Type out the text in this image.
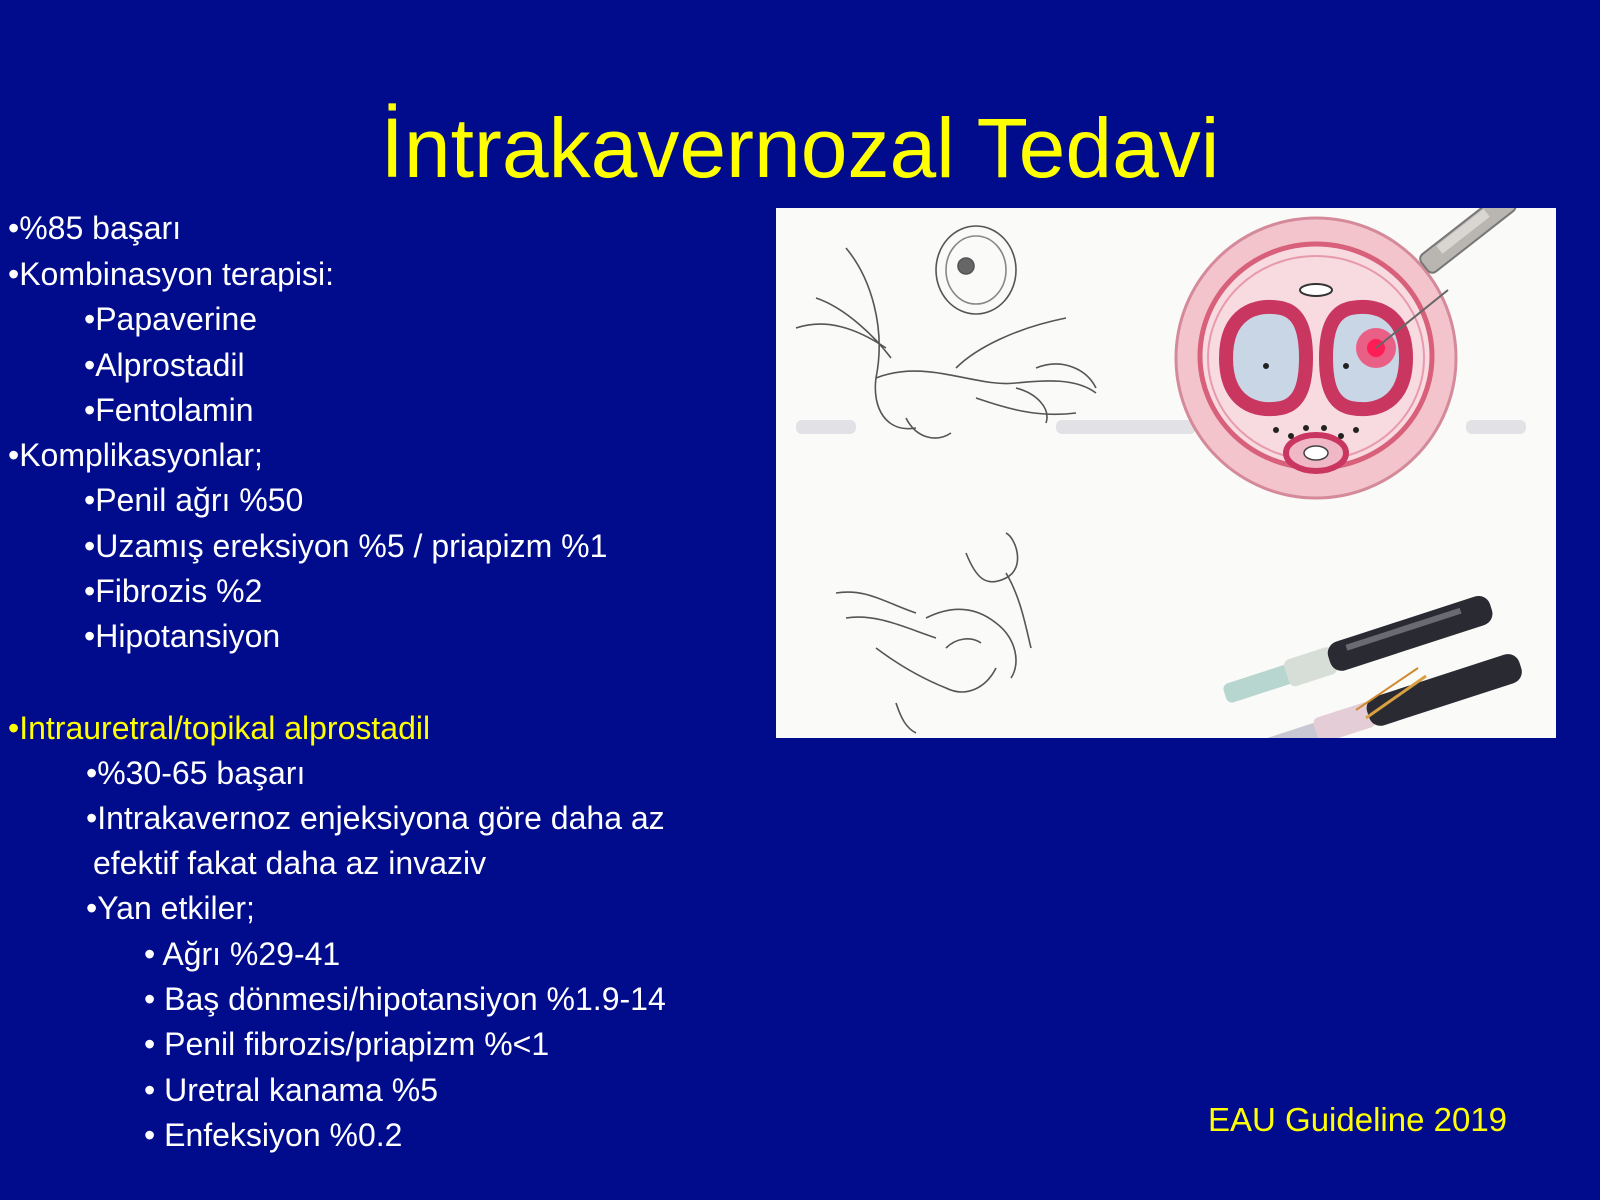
İntrakavernozal Tedavi
•%85 başarı
•Kombinasyon terapisi:
•Papaverine
•Alprostadil
•Fentolamin
•Komplikasyonlar;
•Penil ağrı %50
•Uzamış ereksiyon %5 / priapizm %1
•Fibrozis %2
•Hipotansiyon
•Intrauretral/topikal alprostadil
•%30-65 başarı
•Intrakavernoz enjeksiyona göre daha az
efektif fakat daha az invaziv
•Yan etkiler;
• Ağrı %29-41
• Baş dönmesi/hipotansiyon %1.9-14
• Penil fibrozis/priapizm %<1
• Uretral kanama %5
• Enfeksiyon %0.2	EAU Guideline 2019
